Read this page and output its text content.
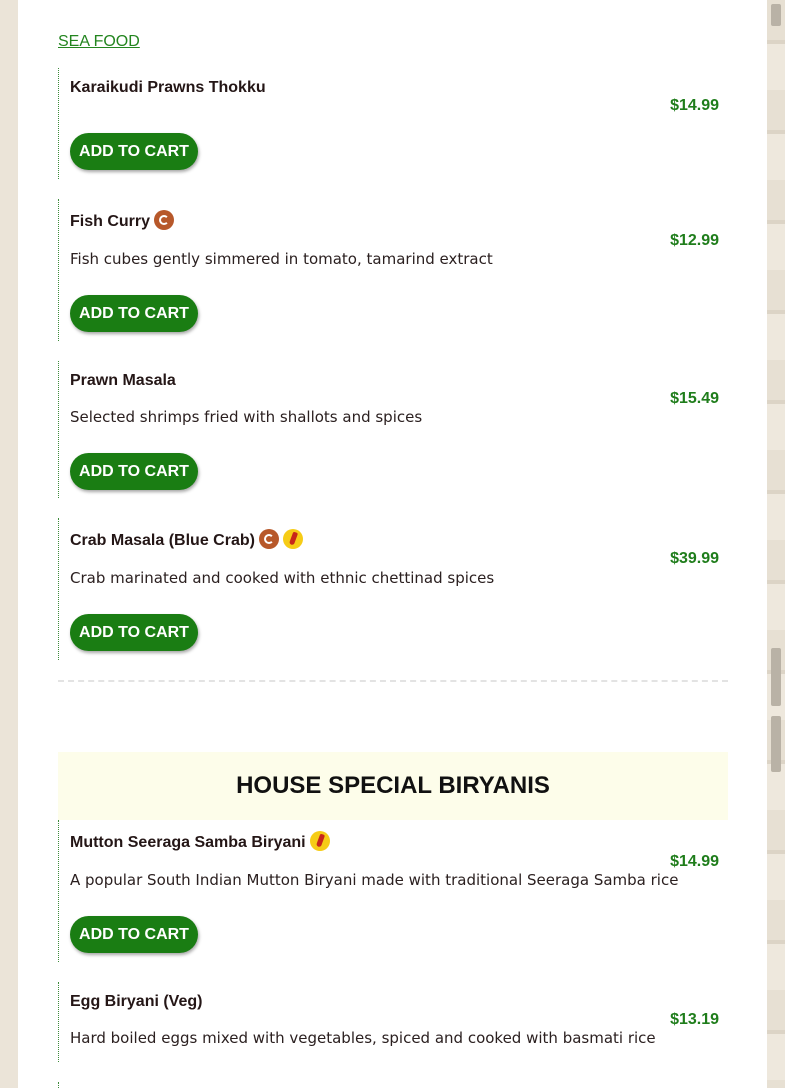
SEA FOOD
Karaikudi Prawns Thokku
$14.99
ADD TO CART
Fish Curry
Fish cubes gently simmered in tomato, tamarind extract
$12.99
ADD TO CART
Prawn Masala
Selected shrimps fried with shallots and spices
$15.49
ADD TO CART
Crab Masala (Blue Crab)
Crab marinated and cooked with ethnic chettinad spices
$39.99
ADD TO CART
HOUSE SPECIAL BIRYANIS
Mutton Seeraga Samba Biryani
A popular South Indian Mutton Biryani made with traditional Seeraga Samba rice
$14.99
ADD TO CART
Egg Biryani (Veg)
Hard boiled eggs mixed with vegetables, spiced and cooked with basmati rice
$13.19
